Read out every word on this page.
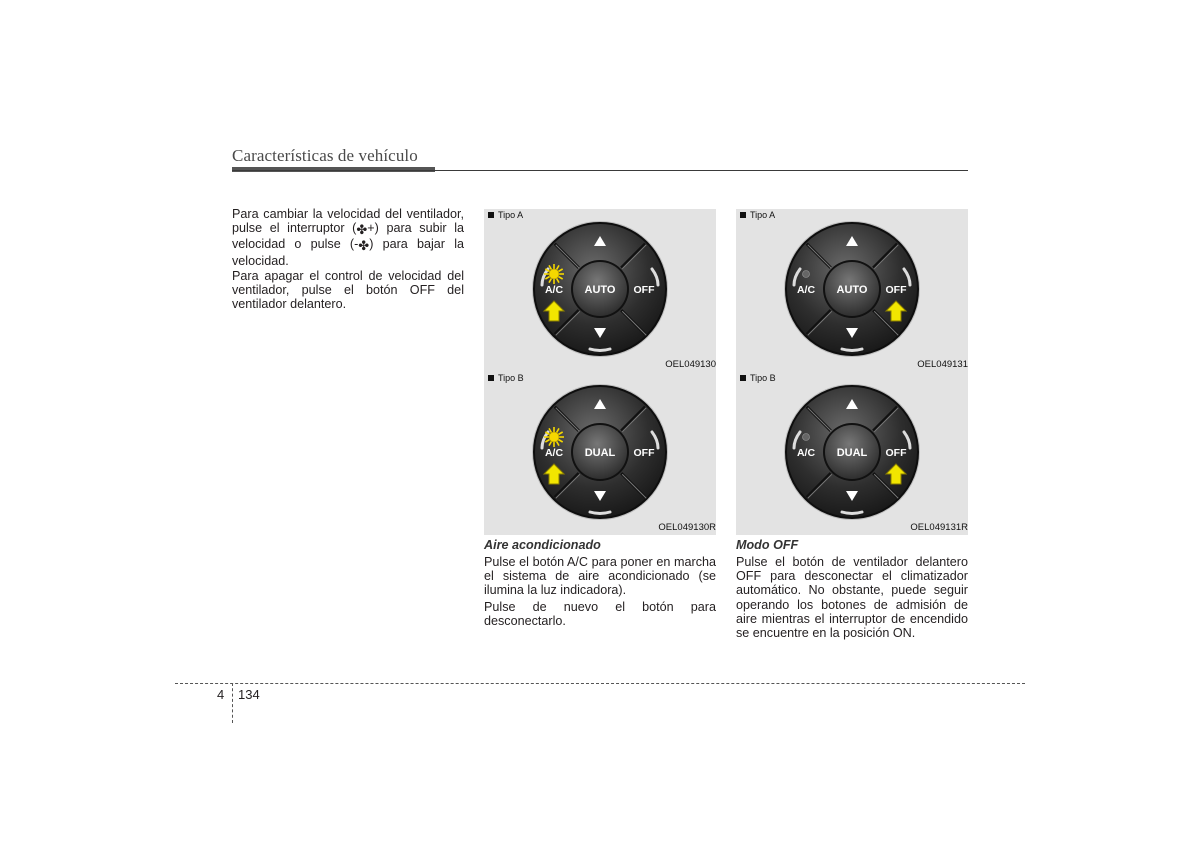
Características de vehículo

Para cambiar la velocidad del ventilador, pulse el interruptor (✤+) para subir la velocidad o pulse (-✤) para bajar la velocidad.

Para apagar el control de velocidad del ventilador, pulse el botón OFF del ventilador delantero.

Tipo A
OEL049130
AUTO
A/C	OFF
Tipo B
OEL049130R
DUAL
A/C	OFF
Tipo A
OEL049131
AUTO
A/C	OFF
Tipo B
OEL049131R
DUAL
A/C	OFF
Aire acondicionado

Pulse el botón A/C para poner en marcha el sistema de aire acondicionado (se ilumina la luz indicadora).

Pulse de nuevo el botón para desconectarlo.

Modo OFF

Pulse el botón de ventilador delantero OFF para desconectar el climatizador automático. No obstante, puede seguir operando los botones de admisión de aire mientras el interruptor de encendido se encuentre en la posición ON.

4 134
